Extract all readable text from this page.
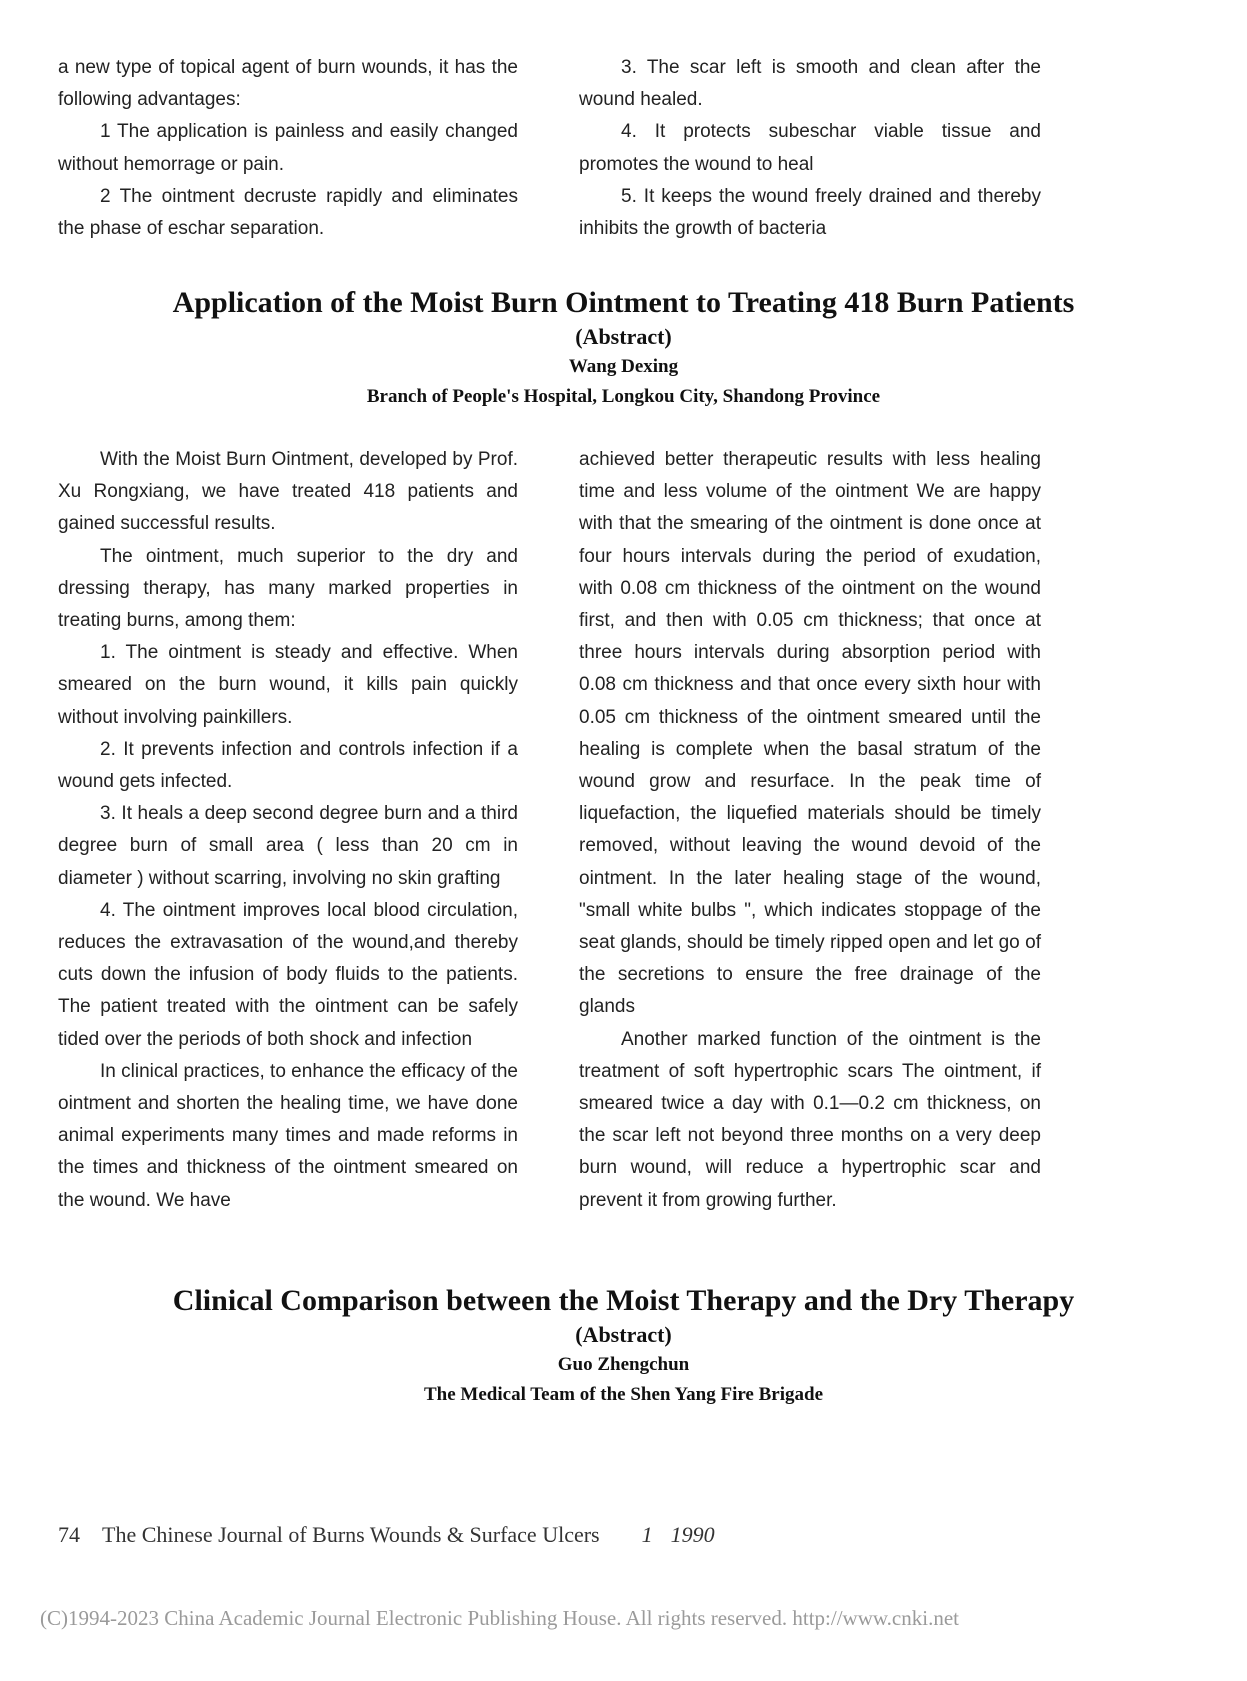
a new type of topical agent of burn wounds, it has the following advantages:

1 The application is painless and easily changed without hemorrage or pain.

2 The ointment decruste rapidly and eliminates the phase of eschar separation.

3. The scar left is smooth and clean after the wound healed.

4. It protects subeschar viable tissue and promotes the wound to heal

5. It keeps the wound freely drained and thereby inhibits the growth of bacteria

Application of the Moist Burn Ointment to Treating 418 Burn Patients

(Abstract)

Wang Dexing

Branch of People's Hospital, Longkou City, Shandong Province

With the Moist Burn Ointment, developed by Prof. Xu Rongxiang, we have treated 418 patients and gained successful results.

The ointment, much superior to the dry and dressing therapy, has many marked properties in treating burns, among them:

1. The ointment is steady and effective. When smeared on the burn wound, it kills pain quickly without involving painkillers.

2. It prevents infection and controls infection if a wound gets infected.

3. It heals a deep second degree burn and a third degree burn of small area ( less than 20 cm in diameter ) without scarring, involving no skin grafting

4. The ointment improves local blood circulation, reduces the extravasation of the wound,and thereby cuts down the infusion of body fluids to the patients. The patient treated with the ointment can be safely tided over the periods of both shock and infection

In clinical practices, to enhance the efficacy of the ointment and shorten the healing time, we have done animal experiments many times and made reforms in the times and thickness of the ointment smeared on the wound. We have

achieved better therapeutic results with less healing time and less volume of the ointment We are happy with that the smearing of the ointment is done once at four hours intervals during the period of exudation, with 0.08 cm thickness of the ointment on the wound first, and then with 0.05 cm thickness; that once at three hours intervals during absorption period with 0.08 cm thickness and that once every sixth hour with 0.05 cm thickness of the ointment smeared until the healing is complete when the basal stratum of the wound grow and resurface. In the peak time of liquefaction, the liquefied materials should be timely removed, without leaving the wound devoid of the ointment. In the later healing stage of the wound, "small white bulbs ", which indicates stoppage of the seat glands, should be timely ripped open and let go of the secretions to ensure the free drainage of the glands

Another marked function of the ointment is the treatment of soft hypertrophic scars The ointment, if smeared twice a day with 0.1—0.2 cm thickness, on the scar left not beyond three months on a very deep burn wound, will reduce a hypertrophic scar and prevent it from growing further.

Clinical Comparison between the Moist Therapy and the Dry Therapy

(Abstract)

Guo Zhengchun

The Medical Team of the Shen Yang Fire Brigade

74 The Chinese Journal of Burns Wounds & Surface Ulcers 1 1990
(C)1994-2023 China Academic Journal Electronic Publishing House. All rights reserved. http://www.cnki.net
